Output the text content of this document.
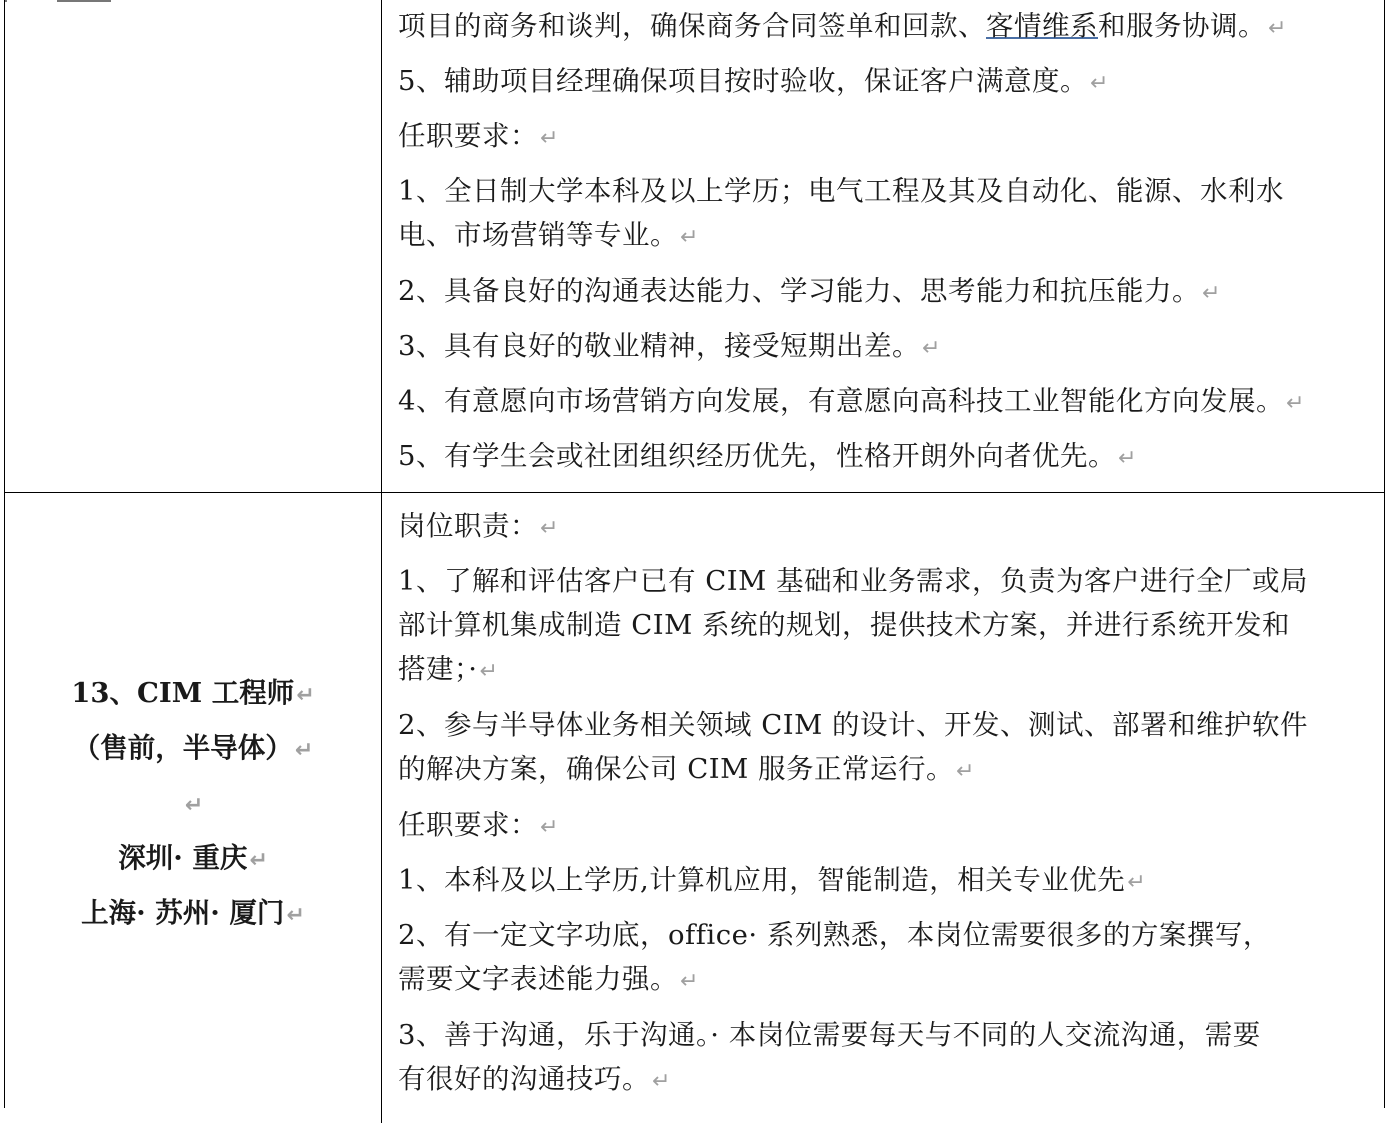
项目的商务和谈判，确保商务合同签单和回款、客情维系和服务协调。↵
5、辅助项目经理确保项目按时验收，保证客户满意度。↵
任职要求：↵
1、全日制大学本科及以上学历；电气工程及其及自动化、能源、水利水
电、市场营销等专业。↵
2、具备良好的沟通表达能力、学习能力、思考能力和抗压能力。↵
3、具有良好的敬业精神，接受短期出差。↵
4、有意愿向市场营销方向发展，有意愿向高科技工业智能化方向发展。↵
5、有学生会或社团组织经历优先，性格开朗外向者优先。↵
13、CIM 工程师↵
（售前，半导体）↵
↵
深圳· 重庆↵
上海· 苏州· 厦门↵
岗位职责：↵
1、了解和评估客户已有 CIM 基础和业务需求，负责为客户进行全厂或局
部计算机集成制造 CIM 系统的规划，提供技术方案，并进行系统开发和
搭建；·↵
2、参与半导体业务相关领域 CIM 的设计、开发、测试、部署和维护软件
的解决方案，确保公司 CIM 服务正常运行。↵
任职要求：↵
1、本科及以上学历,计算机应用，智能制造，相关专业优先↵
2、有一定文字功底，office· 系列熟悉，本岗位需要很多的方案撰写，
需要文字表述能力强。↵
3、善于沟通，乐于沟通。· 本岗位需要每天与不同的人交流沟通，需要
有很好的沟通技巧。↵
